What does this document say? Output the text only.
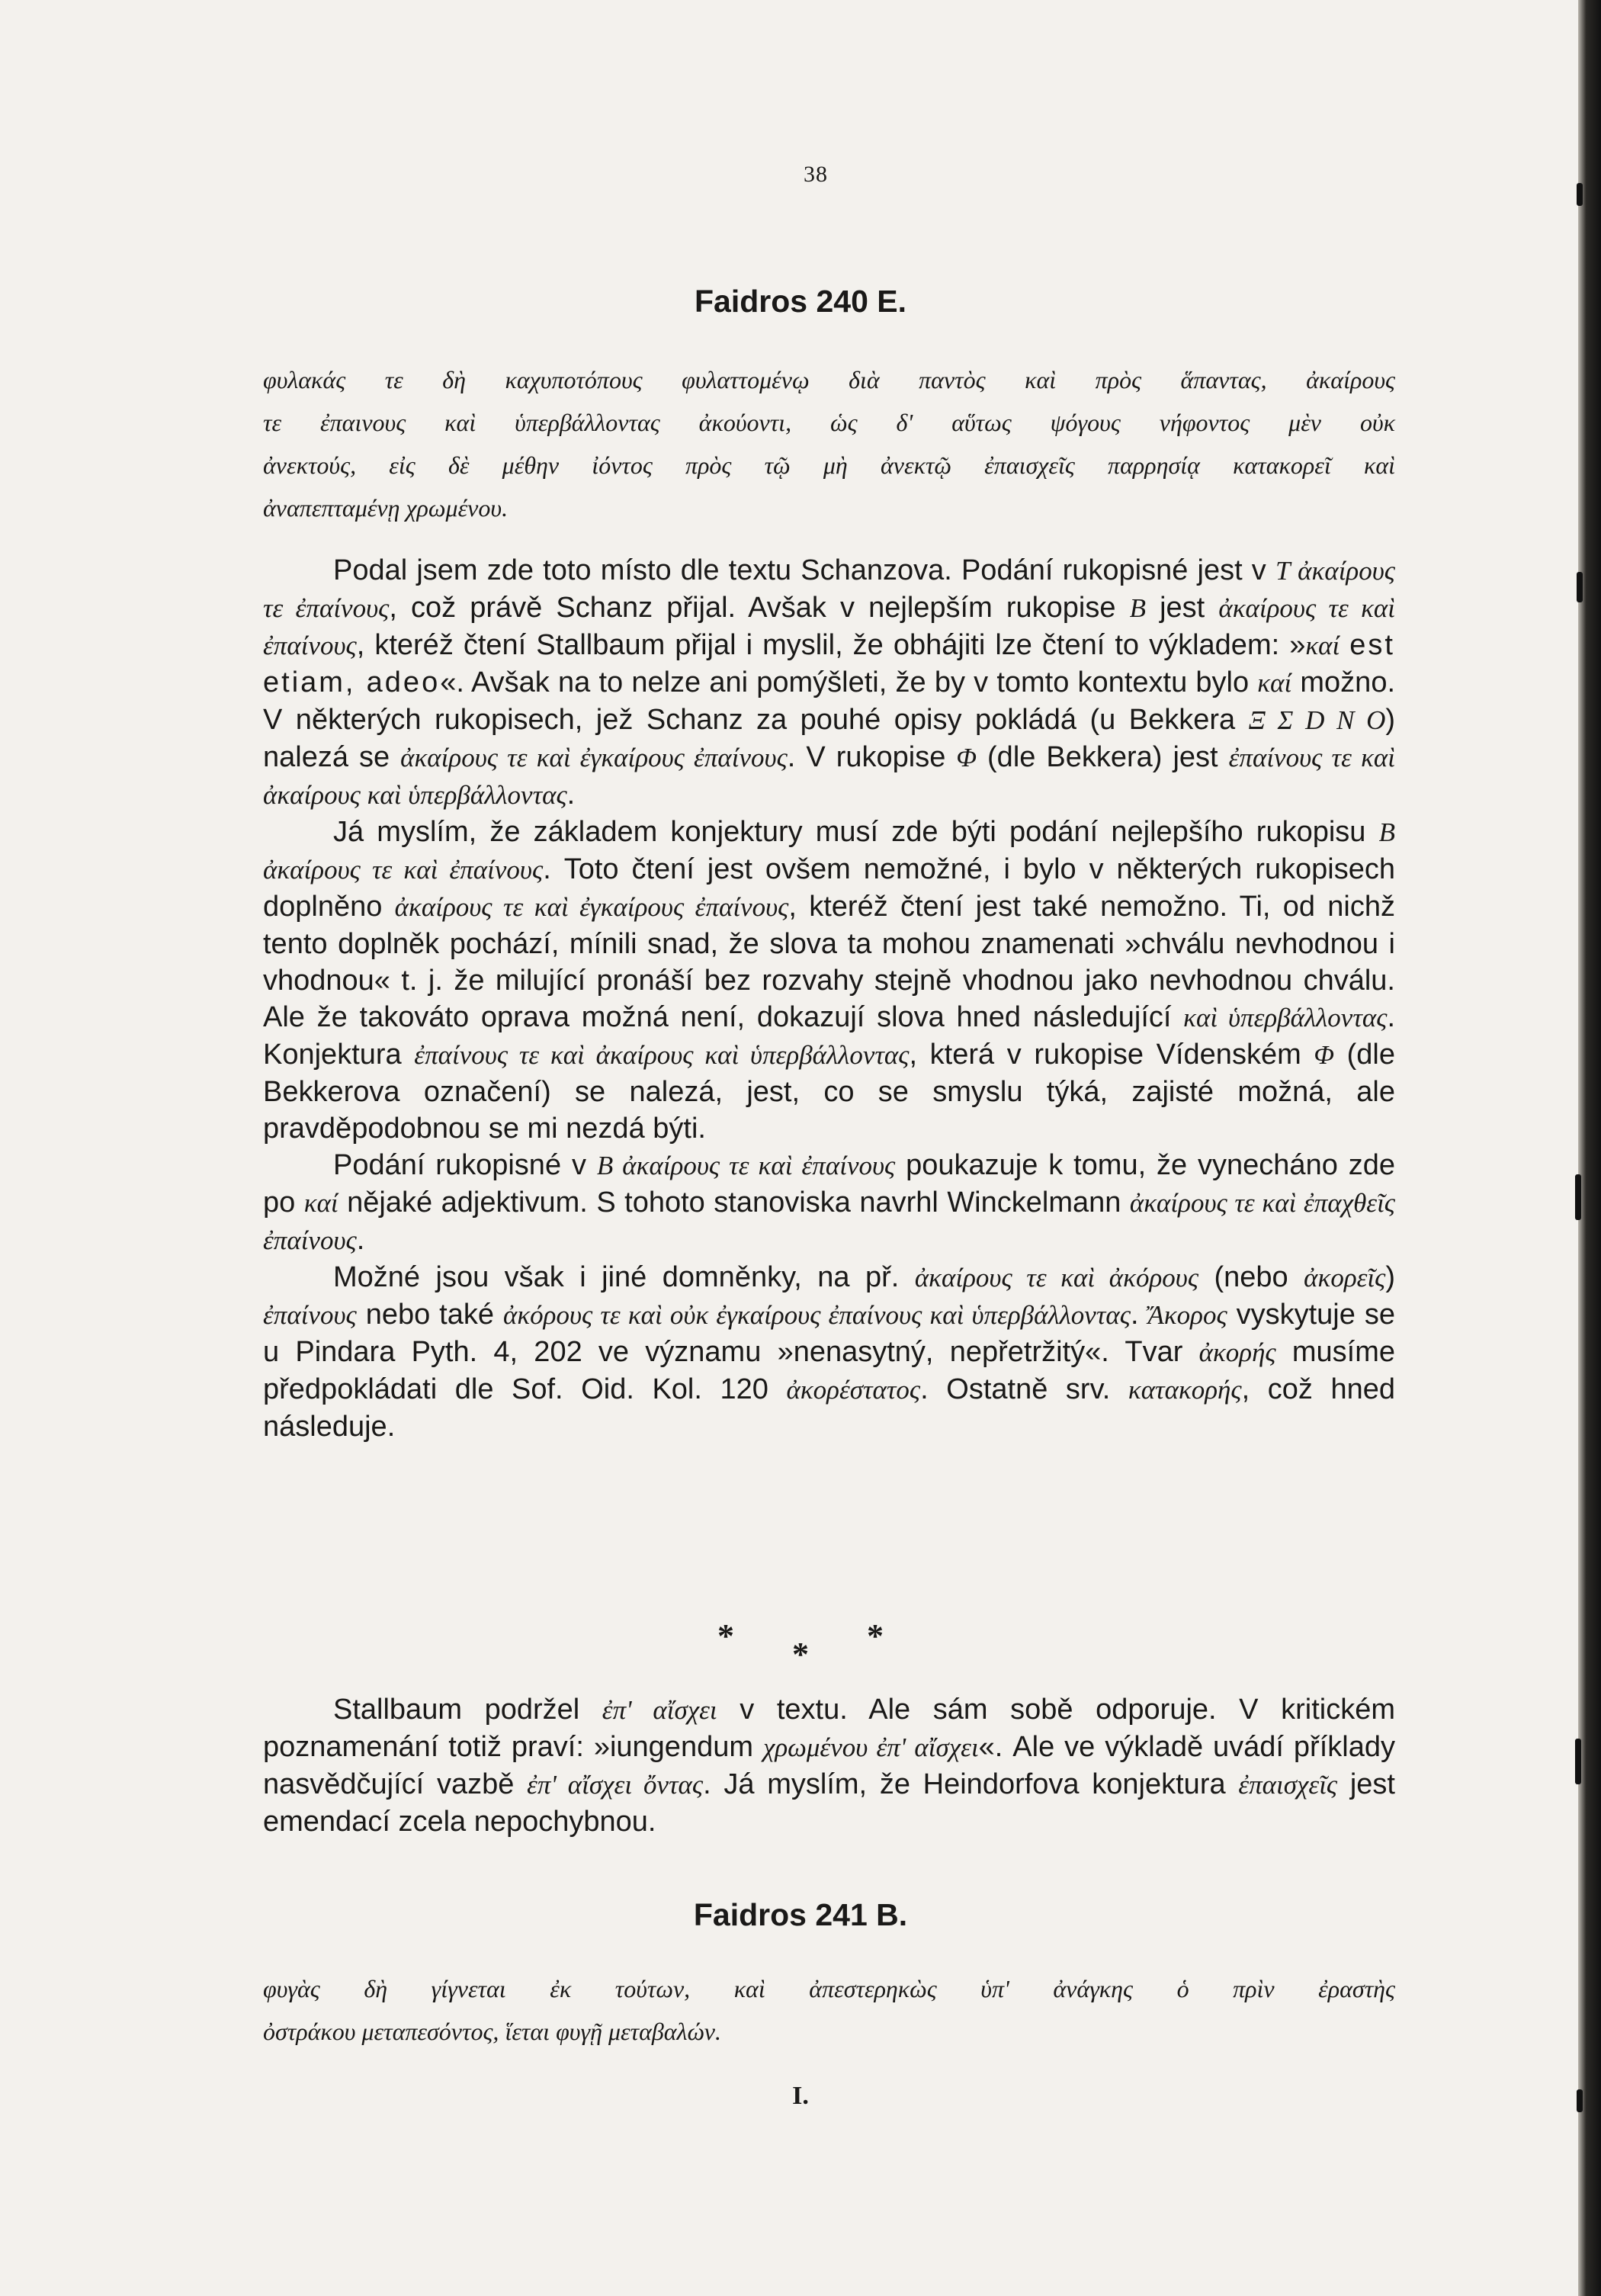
38
Faidros 240 E.
φυλακάς τε δὴ καχυποτόπους φυλαττομένῳ διὰ παντὸς καὶ πρὸς ἅπαντας, ἀκαίρους
τε ἐπαινους καὶ ὑπερβάλλοντας ἀκούοντι, ὡς δ' αὕτως ψόγους νήφοντος μὲν οὐκ
ἀνεκτούς, εἰς δὲ μέθην ἰόντος πρὸς τῷ μὴ ἀνεκτῷ ἐπαισχεῖς παρρησίᾳ κατακορεῖ καὶ
ἀναπεπταμένῃ χρωμένου.

Podal jsem zde toto místo dle textu Schanzova. Podání rukopisné jest v T ἀκαίρους τε ἐπαίνους, což právě Schanz přijal. Avšak v nejlepším rukopise B jest ἀκαίρους τε καὶ ἐπαίνους, kteréž čtení Stallbaum přijal i myslil, že obhájiti lze čtení to výkladem: »καί est etiam, adeo«. Avšak na to nelze ani pomýšleti, že by v tomto kontextu bylo καί možno. V některých rukopisech, jež Schanz za pouhé opisy pokládá (u Bekkera Ξ Σ D N O) nalezá se ἀκαίρους τε καὶ ἐγκαίρους ἐπαίνους. V rukopise Φ (dle Bekkera) jest ἐπαίνους τε καὶ ἀκαίρους καὶ ὑπερβάλλοντας.

Já myslím, že základem konjektury musí zde býti podání nejlepšího rukopisu B ἀκαίρους τε καὶ ἐπαίνους. Toto čtení jest ovšem nemožné, i bylo v některých rukopisech doplněno ἀκαίρους τε καὶ ἐγκαίρους ἐπαίνους, kteréž čtení jest také nemožno. Ti, od nichž tento doplněk pochází, mínili snad, že slova ta mohou znamenati »chválu nevhodnou i vhodnou« t. j. že milující pronáší bez rozvahy stejně vhodnou jako nevhodnou chválu. Ale že takováto oprava možná není, dokazují slova hned následující καὶ ὑπερβάλλοντας. Konjektura ἐπαίνους τε καὶ ἀκαίρους καὶ ὑπερβάλλοντας, která v rukopise Vídenském Φ (dle Bekkerova označení) se nalezá, jest, co se smyslu týká, zajisté možná, ale pravděpodobnou se mi nezdá býti.

Podání rukopisné v B ἀκαίρους τε καὶ ἐπαίνους poukazuje k tomu, že vynecháno zde po καί nějaké adjektivum. S tohoto stanoviska navrhl Winckelmann ἀκαίρους τε καὶ ἐπαχθεῖς ἐπαίνους.

Možné jsou však i jiné domněnky, na př. ἀκαίρους τε καὶ ἀκόρους (nebo ἀκορεῖς) ἐπαίνους nebo také ἀκόρους τε καὶ οὐκ ἐγκαίρους ἐπαίνους καὶ ὑπερβάλλοντας. Ἄκορος vyskytuje se u Pindara Pyth. 4, 202 ve významu »nenasytný, nepřetržitý«. Tvar ἀκορής musíme předpokládati dle Sof. Oid. Kol. 120 ἀκορέστατος. Ostatně srv. κατακορής, což hned následuje.

* * *

Stallbaum podržel ἐπ' αἴσχει v textu. Ale sám sobě odporuje. V kritickém poznamenání totiž praví: »iungendum χρωμένου ἐπ' αἴσχει«. Ale ve výkladě uvádí příklady nasvědčující vazbě ἐπ' αἴσχει ὄντας. Já myslím, že Heindorfova konjektura ἐπαισχεῖς jest emendací zcela nepochybnou.

Faidros 241 B.
φυγὰς δὴ γίγνεται ἐκ τούτων, καὶ ἀπεστερηκὼς ὑπ' ἀνάγκης ὁ πρὶν ἐραστὴς
ὀστράκου μεταπεσόντος, ἵεται φυγῇ μεταβαλών.
I.
